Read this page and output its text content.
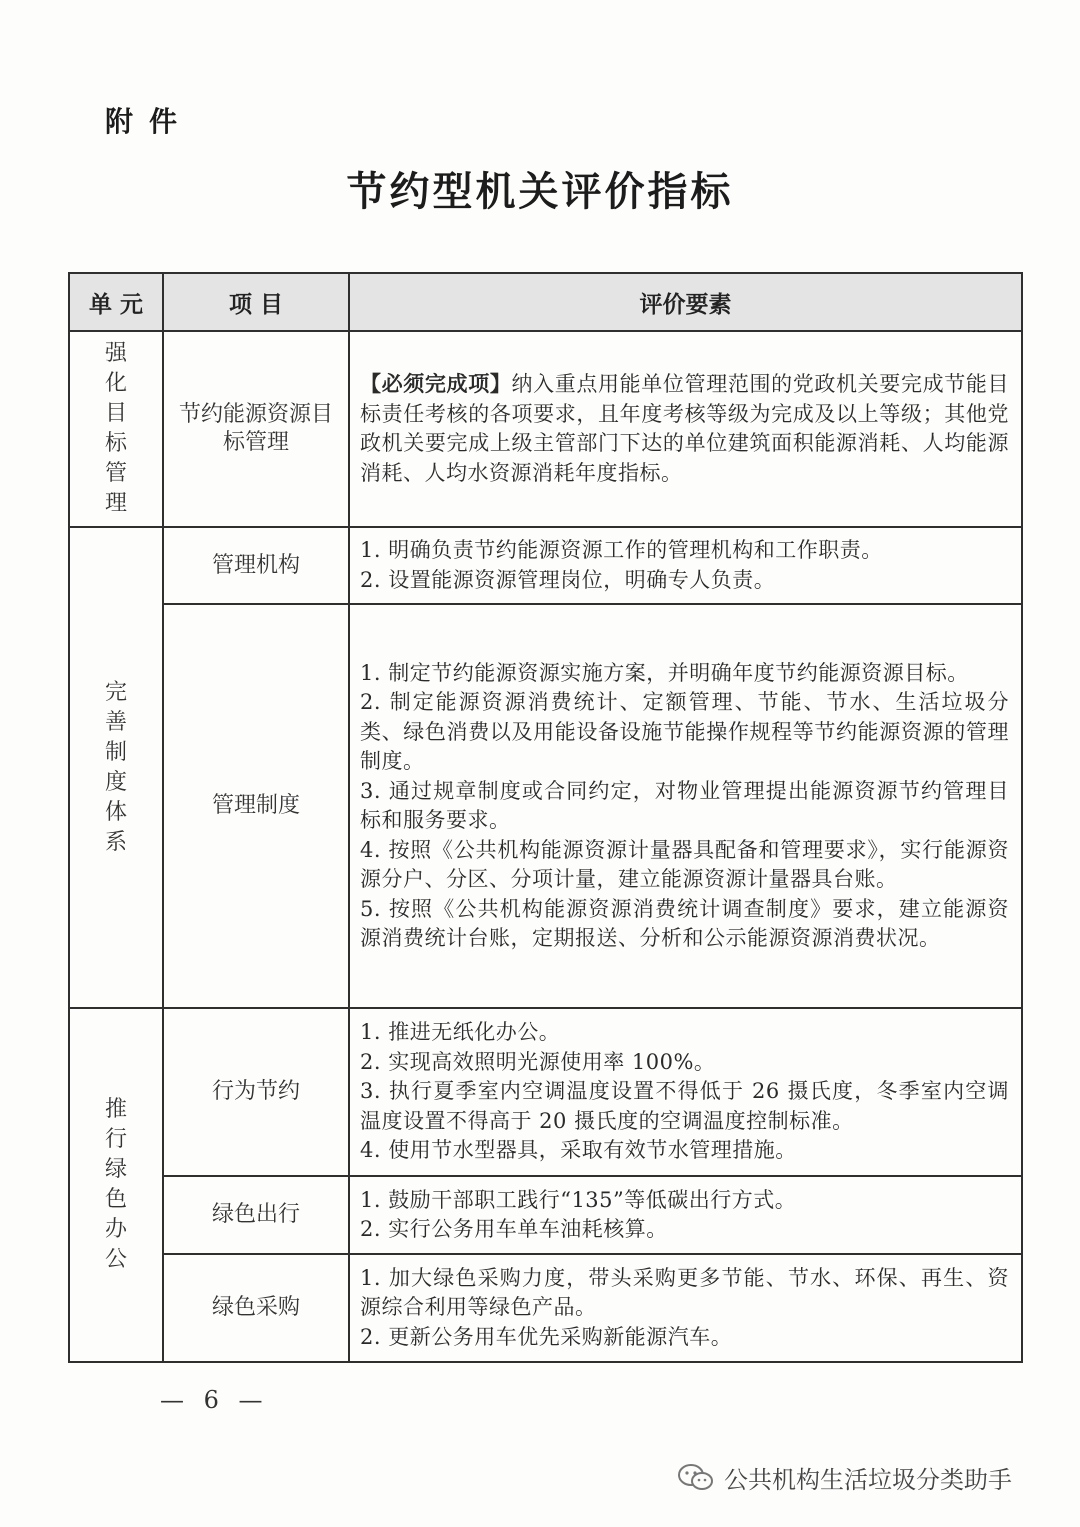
附件
节约型机关评价指标
单 元	项 目	评价要素
强化目标管理	节约能源资源目标管理	【必须完成项】纳入重点用能单位管理范围的党政机关要完成节能目标责任考核的各项要求，且年度考核等级为完成及以上等级；其他党政机关要完成上级主管部门下达的单位建筑面积能源消耗、人均能源消耗、人均水资源消耗年度指标。

完善制度体系	管理机构	1. 明确负责节约能源资源工作的管理机构和工作职责。

2. 设置能源资源管理岗位，明确专人负责。

	管理制度	1. 制定节约能源资源实施方案，并明确年度节约能源资源目标。

2. 制定能源资源消费统计、定额管理、节能、节水、生活垃圾分类、绿色消费以及用能设备设施节能操作规程等节约能源资源的管理制度。

3. 通过规章制度或合同约定，对物业管理提出能源资源节约管理目标和服务要求。

4. 按照《公共机构能源资源计量器具配备和管理要求》，实行能源资源分户、分区、分项计量，建立能源资源计量器具台账。

5. 按照《公共机构能源资源消费统计调查制度》要求，建立能源资源消费统计台账，定期报送、分析和公示能源资源消费状况。

推行绿色办公	行为节约	1. 推进无纸化办公。

2. 实现高效照明光源使用率 100%。

3. 执行夏季室内空调温度设置不得低于 26 摄氏度，冬季室内空调温度设置不得高于 20 摄氏度的空调温度控制标准。

4. 使用节水型器具，采取有效节水管理措施。

	绿色出行	1. 鼓励干部职工践行“135”等低碳出行方式。

2. 实行公务用车单车油耗核算。

	绿色采购	1. 加大绿色采购力度，带头采购更多节能、节水、环保、再生、资源综合利用等绿色产品。

2. 更新公务用车优先采购新能源汽车。

— 6 —
公共机构生活垃圾分类助手
